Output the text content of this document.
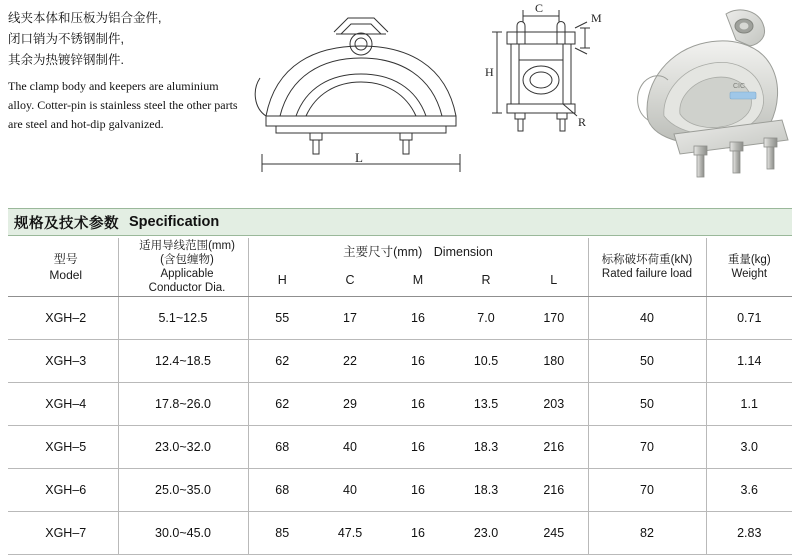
线夹本体和压板为铝合金件,
闭口销为不锈钢制件,
其余为热镀锌钢制件.
The clamp body and keepers are aluminium alloy. Cotter-pin is stainless steel the other parts are steel and hot-dip galvanized.
L
C
H
M
R
CIC
规格及技术参数 Specification
型号
Model

适用导线范围(mm)
(含包缠物)
Applicable
Conductor Dia.
	主要尺寸(mm) Dimension	
标称破坏荷重(kN)
Rated failure load

重量(kg)
Weight

		H	C	M	R	L		
XGH–2	5.1~12.5	55	17	16	7.0	170	40	0.71
XGH–3	12.4~18.5	62	22	16	10.5	180	50	1.14
XGH–4	17.8~26.0	62	29	16	13.5	203	50	1.1
XGH–5	23.0~32.0	68	40	16	18.3	216	70	3.0
XGH–6	25.0~35.0	68	40	16	18.3	216	70	3.6
XGH–7	30.0~45.0	85	47.5	16	23.0	245	82	2.83
